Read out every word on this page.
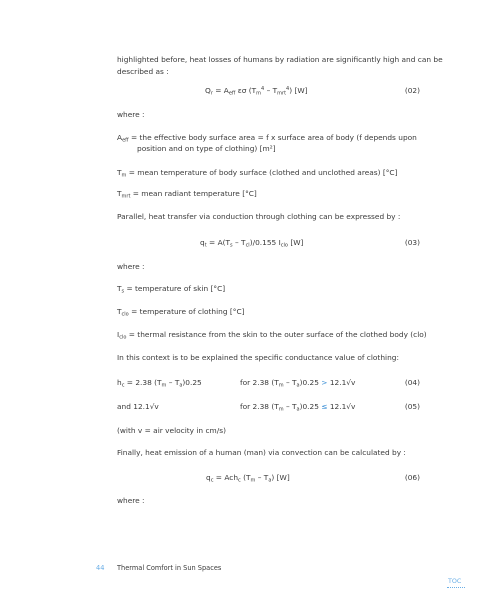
highlighted before, heat losses of humans by radiation are significantly high and can be
described as :
$Q_r = A_{eff}$ εσ $(T_m^4 - T_{mrt}^4)$ [W]	(02)
where :
$A_{eff}$ = the effective body surface area = f x surface area of body (f depends upon
position and on type of clothing) [m²]
$T_m$ = mean temperature of body surface (clothed and unclothed areas) [°C]
$T_{mrt}$ = mean radiant temperature [°C]
Parallel, heat transfer via conduction through clothing can be expressed by :
$q_t = A(T_s - T_{cl})/0.155$ $I_{clo}$ [W]	(03)
where :
$T_s$ = temperature of skin [°C]
$T_{clo}$ = temperature of clothing [°C]
$I_{clo}$ = thermal resistance from the skin to the outer surface of the clothed body (clo)
In this context is to be explained the specific conductance value of clothing:
$h_c = 2.38$ $(T_m - T_a)0.25$	for 2.38 $(T_m - T_a)0.25 > 12.1√v$	(04)
and 12.1√v	for 2.38 $(T_m - T_a)0.25 \le 12.1√v$	(05)
(with v = air velocity in cm/s)
Finally, heat emission of a human (man) via convection can be calculated by :
$q_c = Ach_c$ $(T_m - T_a)$ [W]	(06)
where :
44 Thermal Comfort in Sun Spaces
TOC
